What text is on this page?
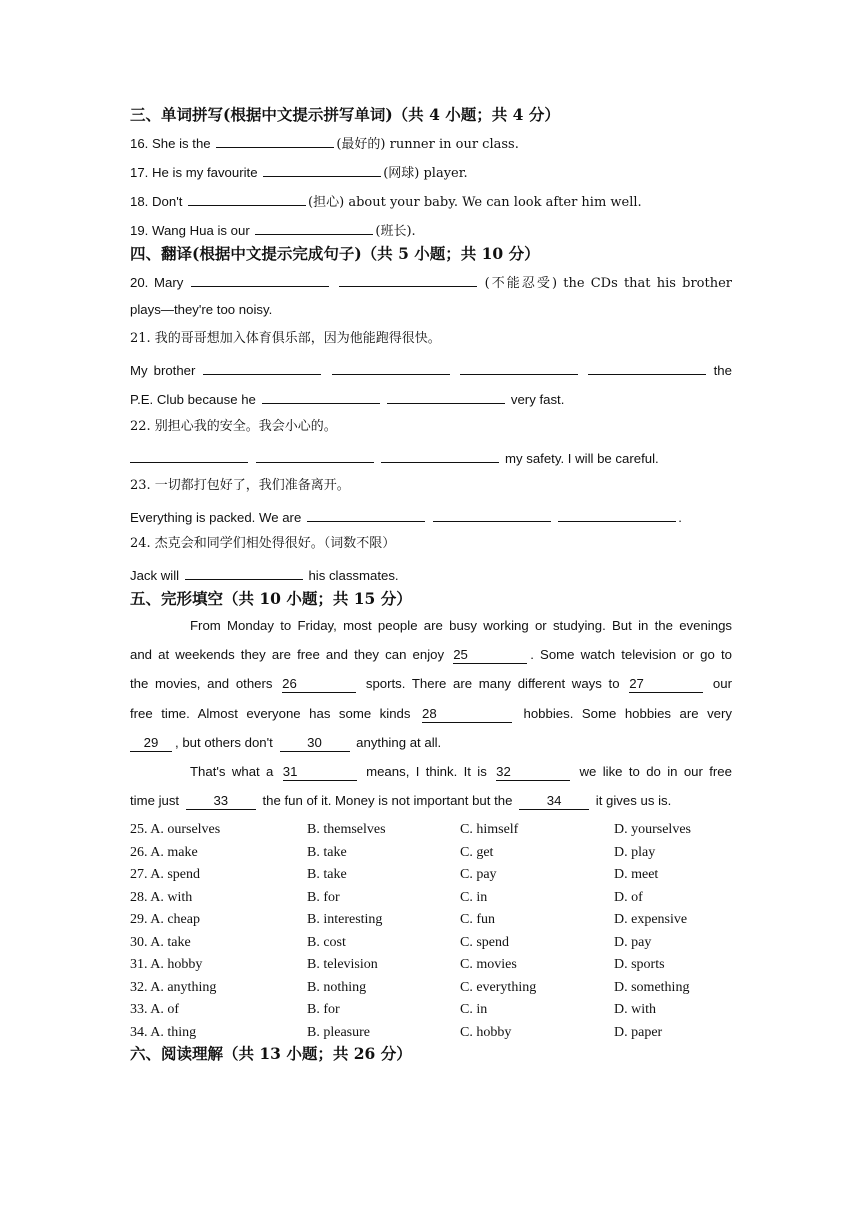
三、单词拼写(根据中文提示拼写单词)（共 4 小题；共 4 分）
16. She is the	(最好的) runner in our class.
17. He is my favourite	(网球) player.
18. Don't	(担心) about your baby. We can look after him well.
19. Wang Hua is our	(班长).
四、翻译(根据中文提示完成句子)（共 5 小题；共 10 分）
20. Mary	(不能忍受) the CDs that his brother
plays—they're too noisy.
21. 我的哥哥想加入体育俱乐部，因为他能跑得很快。
My brother	the
P.E. Club because he	very fast.
22. 别担心我的安全。我会小心的。
my safety. I will be careful.
23. 一切都打包好了，我们准备离开。
Everything is packed. We are	.
24. 杰克会和同学们相处得很好。（词数不限）
Jack will	his classmates.
五、完形填空（共 10 小题；共 15 分）
From Monday to Friday, most people are busy working or studying. But in the evenings
and at weekends they are free and they can enjoy 25	. Some watch television or go to
the movies, and others 26	sports. There are many different ways to 27	our
free time. Almost everyone has some kinds 28	hobbies. Some hobbies are very
29 , but others don't	30	anything at all.
That's what a 31	means, I think. It is 32	we like to do in our free
time just	33	the fun of it. Money is not important but the	34	it gives us is.
25. A. ourselves	B. themselves	C. himself	D. yourselves
26. A. make	B. take	C. get	D. play
27. A. spend	B. take	C. pay	D. meet
28. A. with	B. for	C. in	D. of
29. A. cheap	B. interesting	C. fun	D. expensive
30. A. take	B. cost	C. spend	D. pay
31. A. hobby	B. television	C. movies	D. sports
32. A. anything	B. nothing	C. everything	D. something
33. A. of	B. for	C. in	D. with
34. A. thing	B. pleasure	C. hobby	D. paper
六、阅读理解（共 13 小题；共 26 分）
